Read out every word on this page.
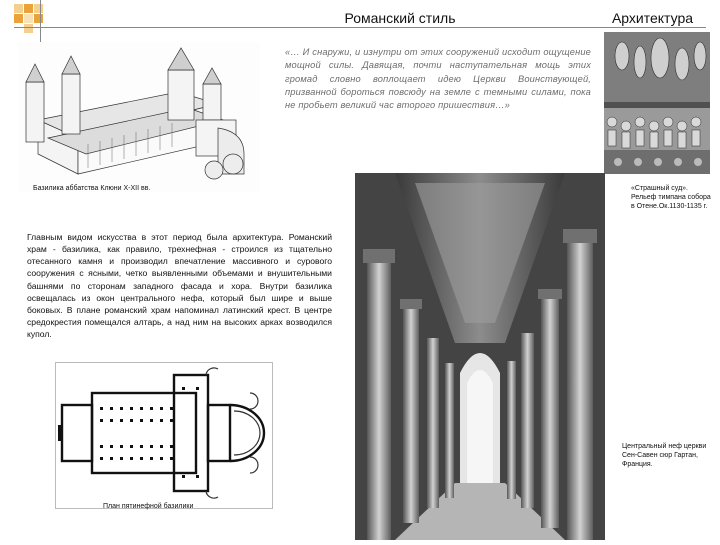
Романский стиль	Архитектура
Базилика аббатства Клюни X-XII вв.
«… И снаружи, и изнутри от этих сооружений исходит ощущение мощной силы. Давящая, почти наступательная мощь этих громад словно воплощает идею Церкви Воинствующей, призванной бороться повсюду на земле с темными силами, пока не пробьет великий час второго пришествия…»
«Страшный суд». Рельеф тимпана собора в Отене.Ок.1130-1135 г.
Главным видом искусства в этот период была архитектура. Романский храм - базилика, как правило, трехнефная - строился из тщательно отесанного камня и производил впечатление массивного и сурового сооружения с ясными, четко выявленными объемами и внушительными башнями по сторонам западного фасада и хора. Внутри базилика освещалась из окон центрального нефа, который был шире и выше боковых. В плане романский храм напоминал латинский крест. В центре средокрестия помещался алтарь, а над ним на высоких арках возводился купол.
Центральный неф церкви Сен-Савен сюр Гартан, Франция.
План пятинефной базилики
